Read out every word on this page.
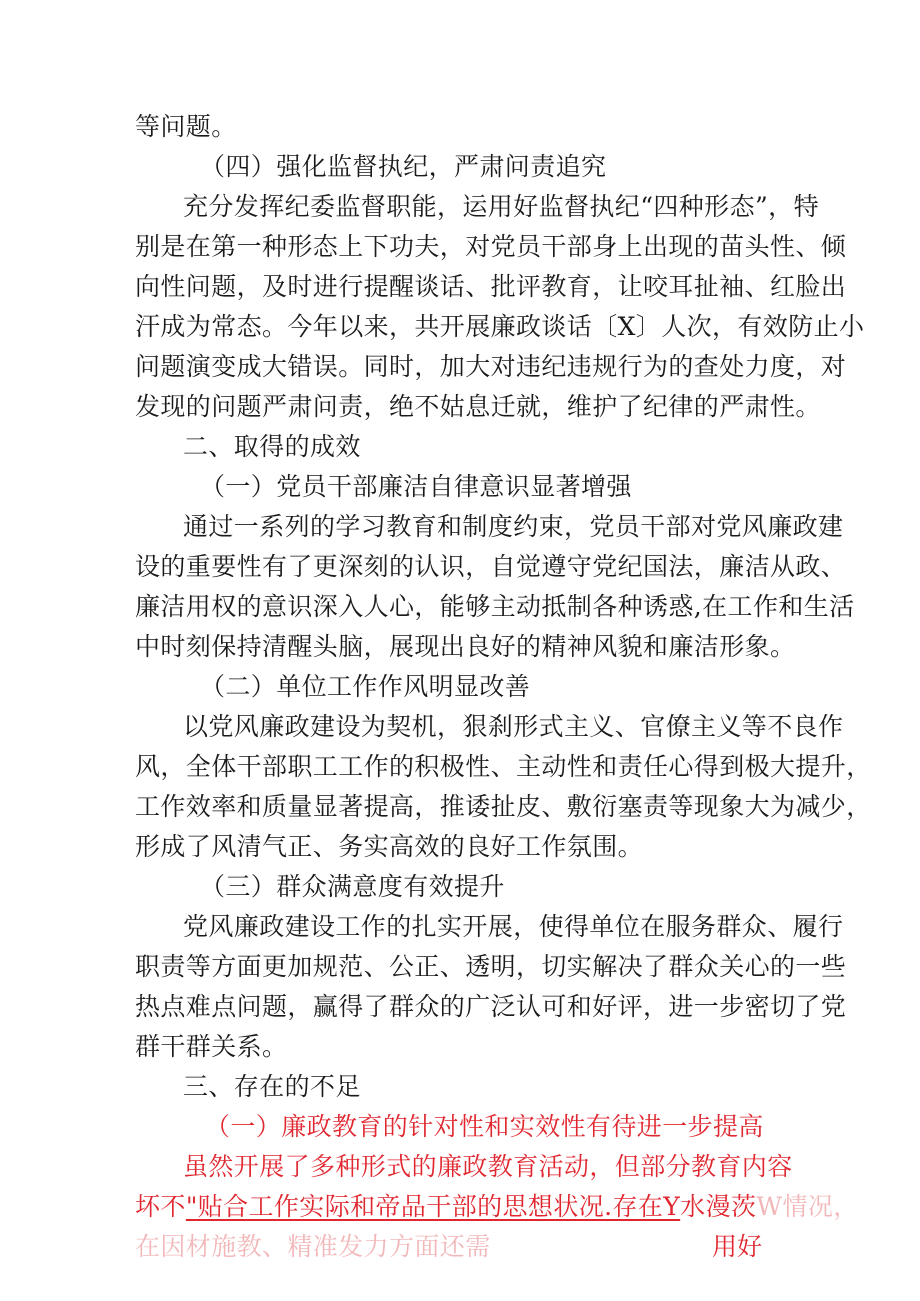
等问题。
（四）强化监督执纪，严肃问责追究
充分发挥纪委监督职能，运用好监督执纪“四种形态”，特
别是在第一种形态上下功夫，对党员干部身上出现的苗头性、倾
向性问题，及时进行提醒谈话、批评教育，让咬耳扯袖、红脸出
汗成为常态。今年以来，共开展廉政谈话〔X〕人次，有效防止小
问题演变成大错误。同时，加大对违纪违规行为的查处力度，对
发现的问题严肃问责，绝不姑息迁就，维护了纪律的严肃性。
二、取得的成效
（一）党员干部廉洁自律意识显著增强
通过一系列的学习教育和制度约束，党员干部对党风廉政建
设的重要性有了更深刻的认识，自觉遵守党纪国法，廉洁从政、
廉洁用权的意识深入人心，能够主动抵制各种诱惑,在工作和生活
中时刻保持清醒头脑，展现出良好的精神风貌和廉洁形象。
（二）单位工作作风明显改善
以党风廉政建设为契机，狠刹形式主义、官僚主义等不良作
风，全体干部职工工作的积极性、主动性和责任心得到极大提升，
工作效率和质量显著提高，推诿扯皮、敷衍塞责等现象大为减少，
形成了风清气正、务实高效的良好工作氛围。
（三）群众满意度有效提升
党风廉政建设工作的扎实开展，使得单位在服务群众、履行
职责等方面更加规范、公正、透明，切实解决了群众关心的一些
热点难点问题，赢得了群众的广泛认可和好评，进一步密切了党
群干群关系。
三、存在的不足
（一）廉政教育的针对性和实效性有待进一步提高
虽然开展了多种形式的廉政教育活动，但部分教育内容
坏不"贴合工作实际和帝品干部的思想状况.存在Y水漫茨W情况，
在因材施教、精准发力方面还需	用好
